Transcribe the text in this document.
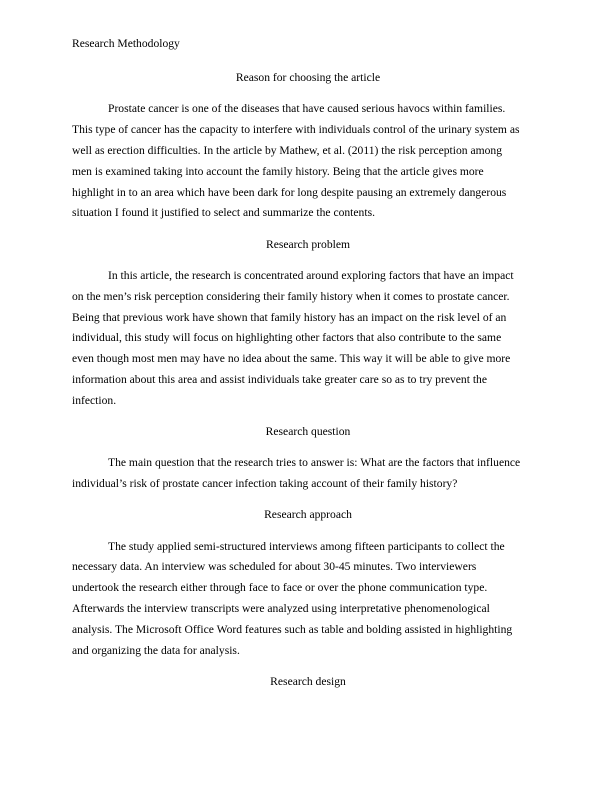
Research Methodology
Reason for choosing the article
Prostate cancer is one of the diseases that have caused serious havocs within families.
This type of cancer has the capacity to interfere with individuals control of the urinary system as
well as erection difficulties. In the article by Mathew, et al. (2011) the risk perception among
men is examined taking into account the family history. Being that the article gives more
highlight in to an area which have been dark for long despite pausing an extremely dangerous
situation I found it justified to select and summarize the contents.
Research problem
In this article, the research is concentrated around exploring factors that have an impact
on the men’s risk perception considering their family history when it comes to prostate cancer.
Being that previous work have shown that family history has an impact on the risk level of an
individual, this study will focus on highlighting other factors that also contribute to the same
even though most men may have no idea about the same. This way it will be able to give more
information about this area and assist individuals take greater care so as to try prevent the
infection.
Research question
The main question that the research tries to answer is: What are the factors that influence
individual’s risk of prostate cancer infection taking account of their family history?
Research approach
The study applied semi-structured interviews among fifteen participants to collect the
necessary data. An interview was scheduled for about 30-45 minutes. Two interviewers
undertook the research either through face to face or over the phone communication type.
Afterwards the interview transcripts were analyzed using interpretative phenomenological
analysis. The Microsoft Office Word features such as table and bolding assisted in highlighting
and organizing the data for analysis.
Research design
